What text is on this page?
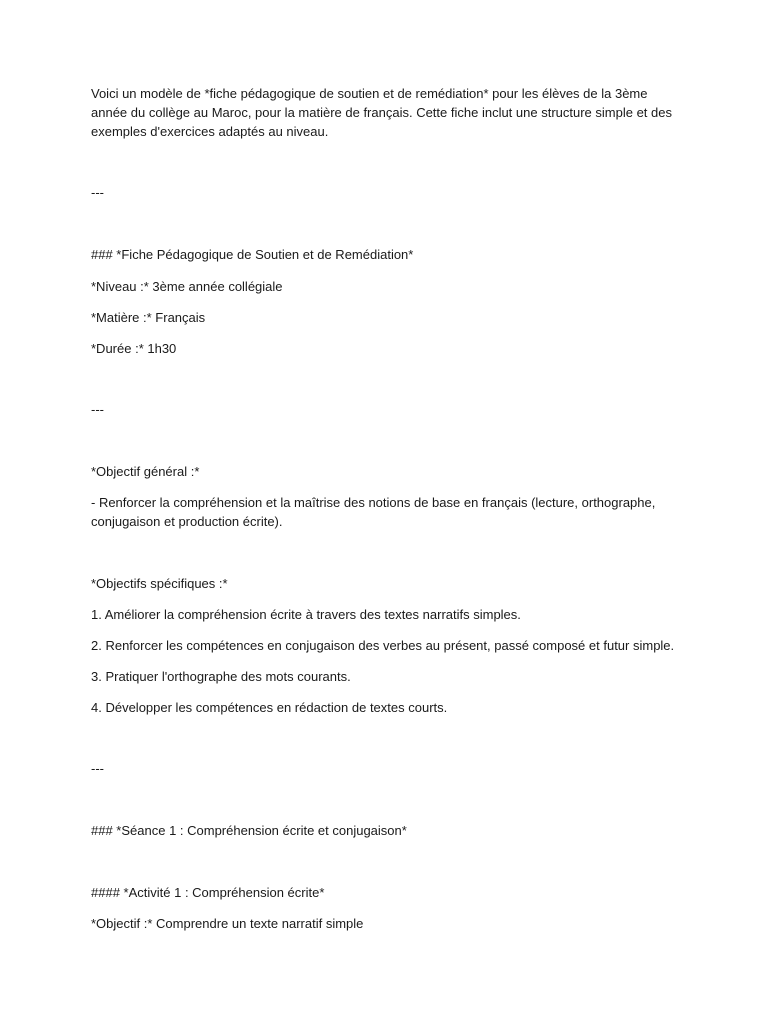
Voici un modèle de *fiche pédagogique de soutien et de remédiation* pour les élèves de la 3ème
année du collège au Maroc, pour la matière de français. Cette fiche inclut une structure simple et des
exemples d'exercices adaptés au niveau.
---
### *Fiche Pédagogique de Soutien et de Remédiation*
*Niveau :* 3ème année collégiale
*Matière :* Français
*Durée :* 1h30
---
*Objectif général :*
- Renforcer la compréhension et la maîtrise des notions de base en français (lecture, orthographe,
conjugaison et production écrite).
*Objectifs spécifiques :*
1. Améliorer la compréhension écrite à travers des textes narratifs simples.
2. Renforcer les compétences en conjugaison des verbes au présent, passé composé et futur simple.
3. Pratiquer l'orthographe des mots courants.
4. Développer les compétences en rédaction de textes courts.
---
### *Séance 1 : Compréhension écrite et conjugaison*
#### *Activité 1 : Compréhension écrite*
*Objectif :* Comprendre un texte narratif simple
